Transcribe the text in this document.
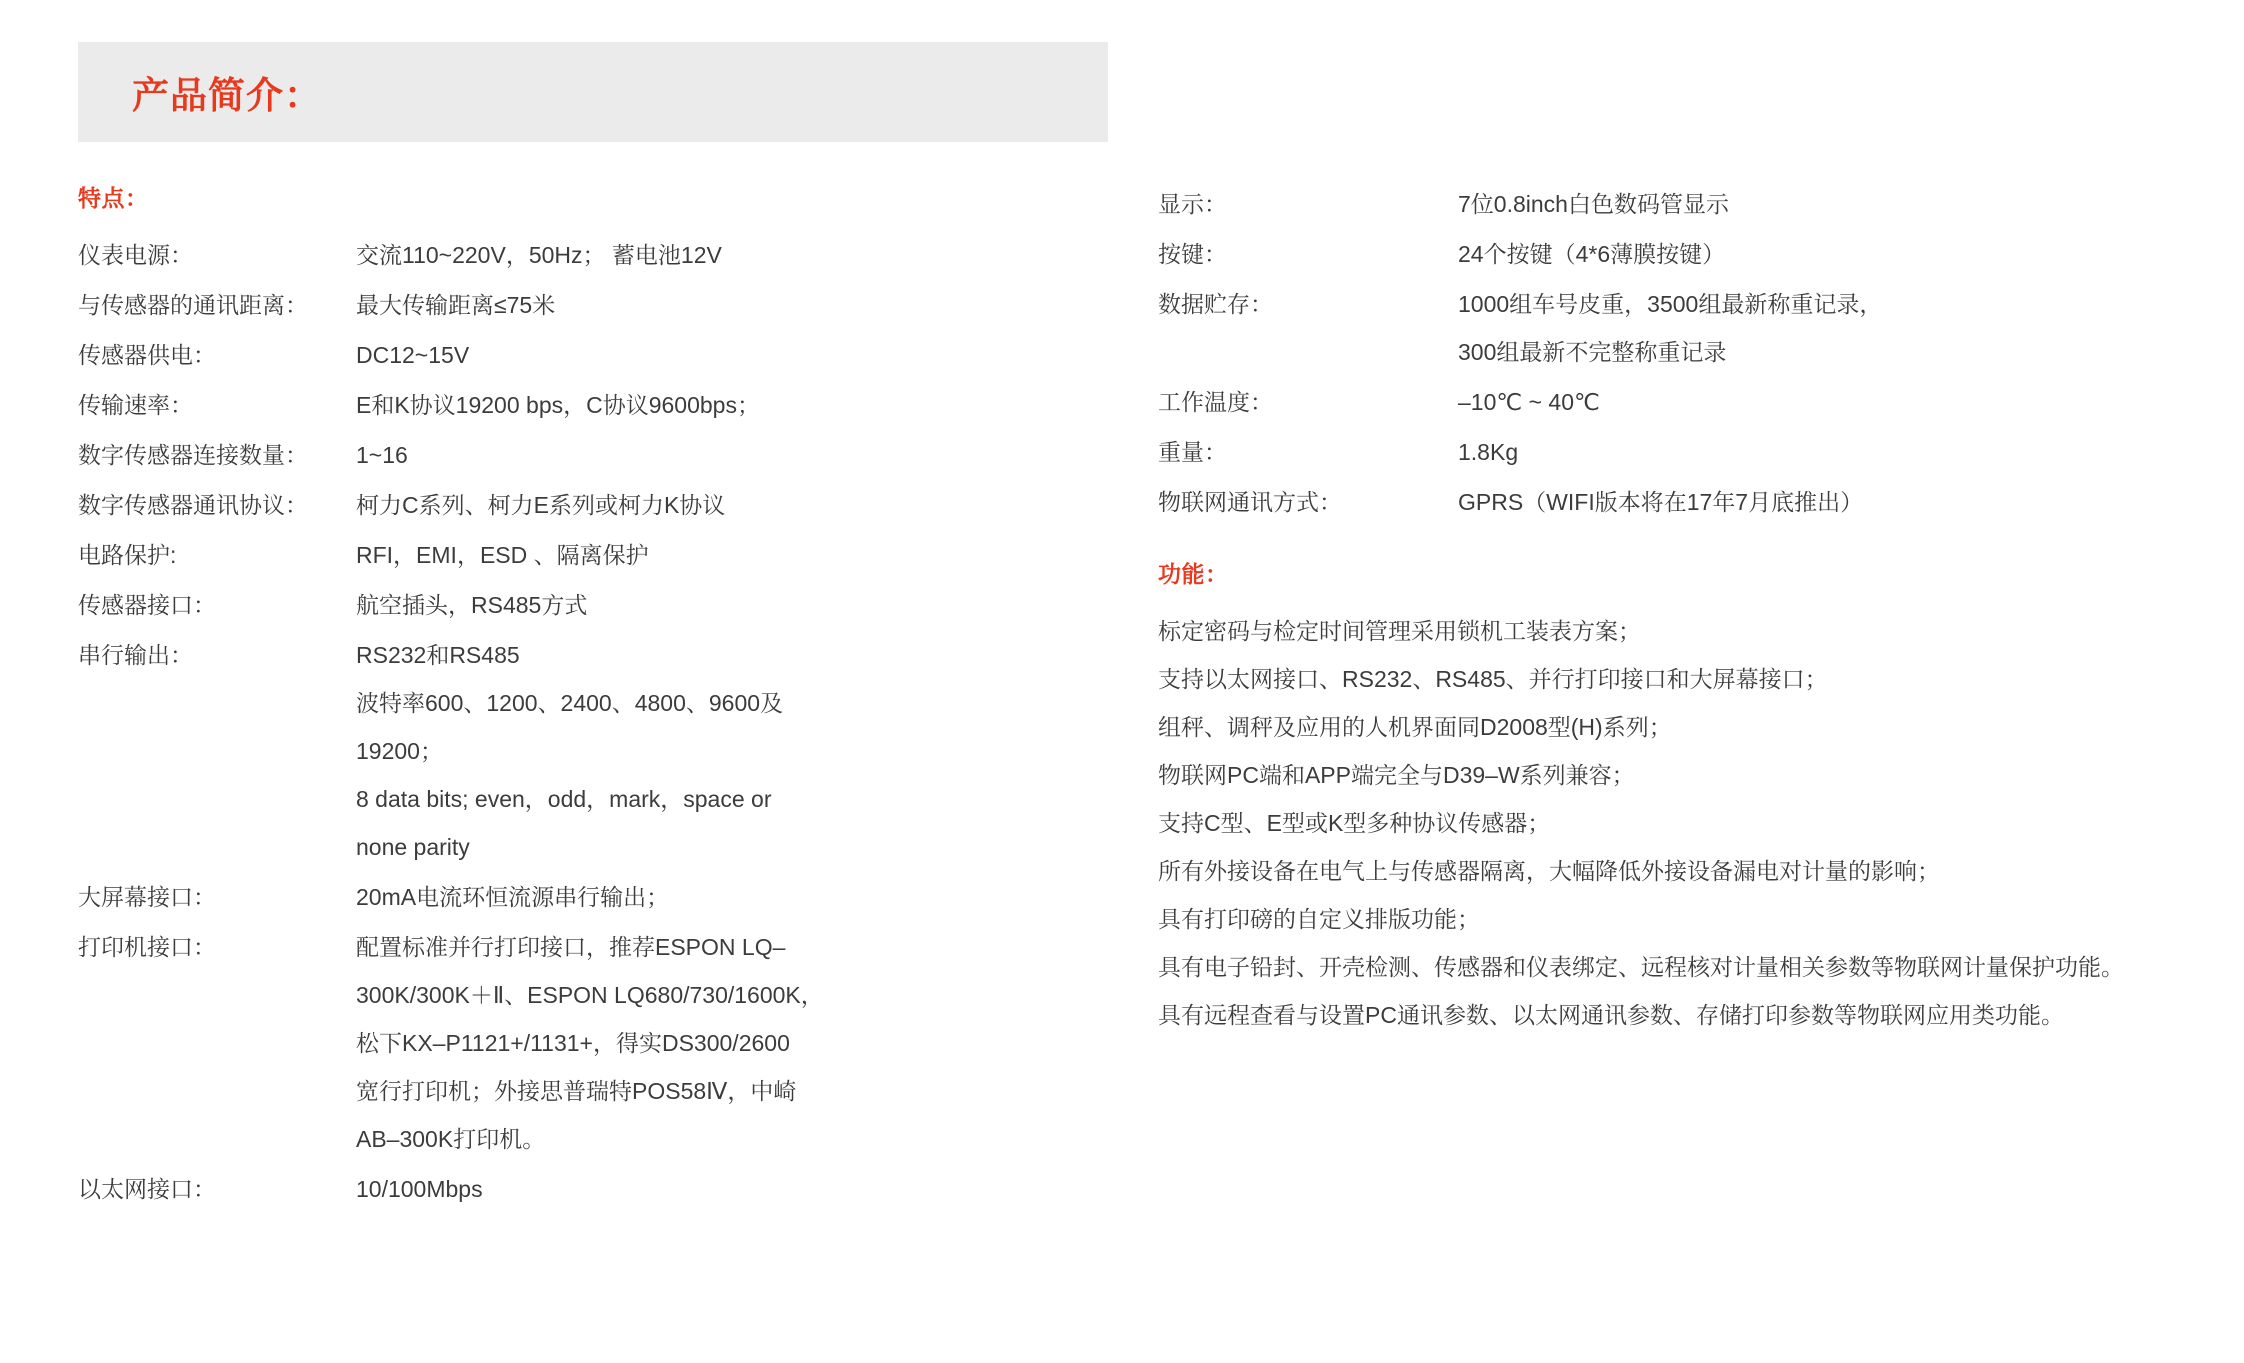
产品简介：
特点：
仪表电源：	交流110~220V，50Hz； 蓄电池12V
与传感器的通讯距离：	最大传输距离≤75米
传感器供电：	DC12~15V
传输速率：	E和K协议19200 bps，C协议9600bps；
数字传感器连接数量：	1~16
数字传感器通讯协议：	柯力C系列、柯力E系列或柯力K协议
电路保护:	RFI，EMI，ESD 、隔离保护
传感器接口：	航空插头，RS485方式
串行输出：	RS232和RS485
波特率600、1200、2400、4800、9600及
19200；
8 data bits; even，odd，mark，space or
none parity
大屏幕接口：	20mA电流环恒流源串行输出；
打印机接口：	配置标准并行打印接口，推荐ESPON LQ–
300K/300K＋Ⅱ、ESPON LQ680/730/1600K，
松下KX–P1121+/1131+，得实DS300/2600
宽行打印机；外接思普瑞特POS58Ⅳ，中崎
AB–300K打印机。
以太网接口：	10/100Mbps
显示：	7位0.8inch白色数码管显示
按键：	24个按键（4*6薄膜按键）
数据贮存：	1000组车号皮重，3500组最新称重记录，
300组最新不完整称重记录
工作温度：	–10℃ ~ 40℃
重量：	1.8Kg
物联网通讯方式：	GPRS（WIFI版本将在17年7月底推出）
功能：
标定密码与检定时间管理采用锁机工装表方案；
支持以太网接口、RS232、RS485、并行打印接口和大屏幕接口；
组秤、调秤及应用的人机界面同D2008型(H)系列；
物联网PC端和APP端完全与D39–W系列兼容；
支持C型、E型或K型多种协议传感器；
所有外接设备在电气上与传感器隔离，大幅降低外接设备漏电对计量的影响；
具有打印磅的自定义排版功能；
具有电子铅封、开壳检测、传感器和仪表绑定、远程核对计量相关参数等物联网计量保护功能。
具有远程查看与设置PC通讯参数、以太网通讯参数、存储打印参数等物联网应用类功能。
